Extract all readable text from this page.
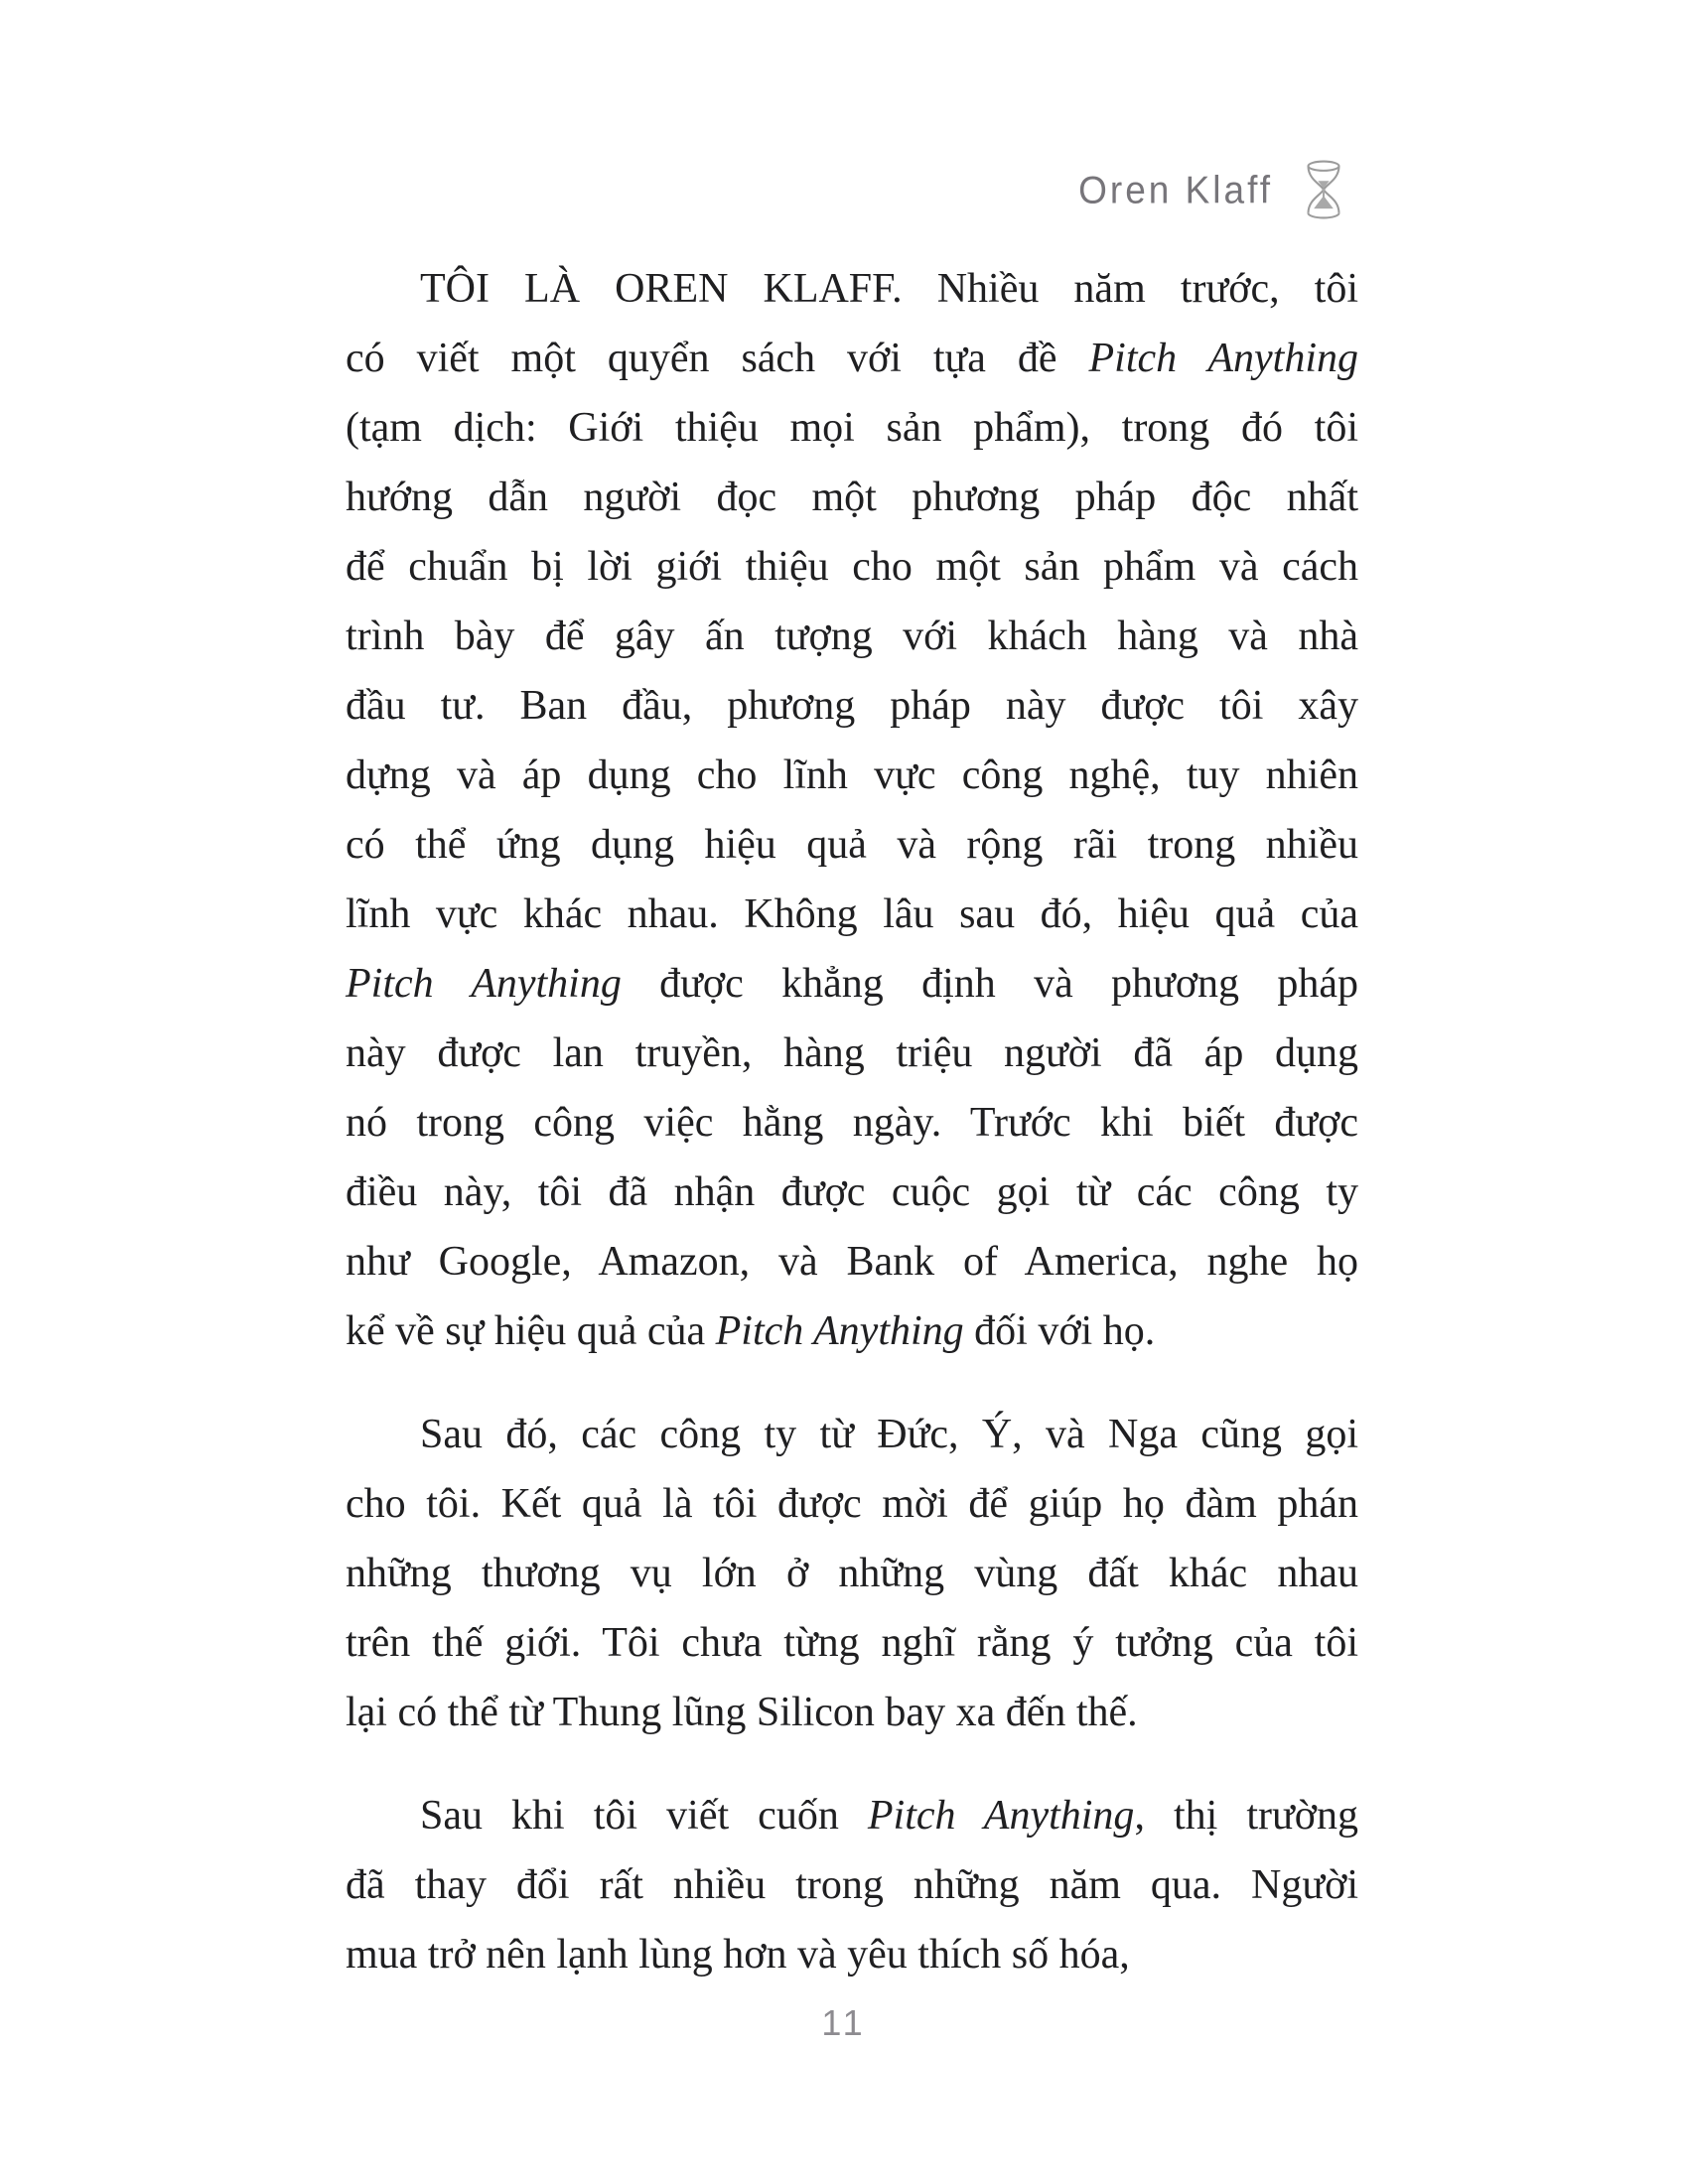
Oren Klaff
TÔI LÀ OREN KLAFF. Nhiều năm trước, tôi
có viết một quyển sách với tựa đề Pitch Anything
(tạm dịch: Giới thiệu mọi sản phẩm), trong đó tôi
hướng dẫn người đọc một phương pháp độc nhất
để chuẩn bị lời giới thiệu cho một sản phẩm và cách
trình bày để gây ấn tượng với khách hàng và nhà
đầu tư. Ban đầu, phương pháp này được tôi xây
dựng và áp dụng cho lĩnh vực công nghệ, tuy nhiên
có thể ứng dụng hiệu quả và rộng rãi trong nhiều
lĩnh vực khác nhau. Không lâu sau đó, hiệu quả của
Pitch Anything được khẳng định và phương pháp
này được lan truyền, hàng triệu người đã áp dụng
nó trong công việc hằng ngày. Trước khi biết được
điều này, tôi đã nhận được cuộc gọi từ các công ty
như Google, Amazon, và Bank of America, nghe họ
kể về sự hiệu quả của Pitch Anything đối với họ.
Sau đó, các công ty từ Đức, Ý, và Nga cũng gọi
cho tôi. Kết quả là tôi được mời để giúp họ đàm phán
những thương vụ lớn ở những vùng đất khác nhau
trên thế giới. Tôi chưa từng nghĩ rằng ý tưởng của tôi
lại có thể từ Thung lũng Silicon bay xa đến thế.
Sau khi tôi viết cuốn Pitch Anything, thị trường
đã thay đổi rất nhiều trong những năm qua. Người
mua trở nên lạnh lùng hơn và yêu thích số hóa,
11
